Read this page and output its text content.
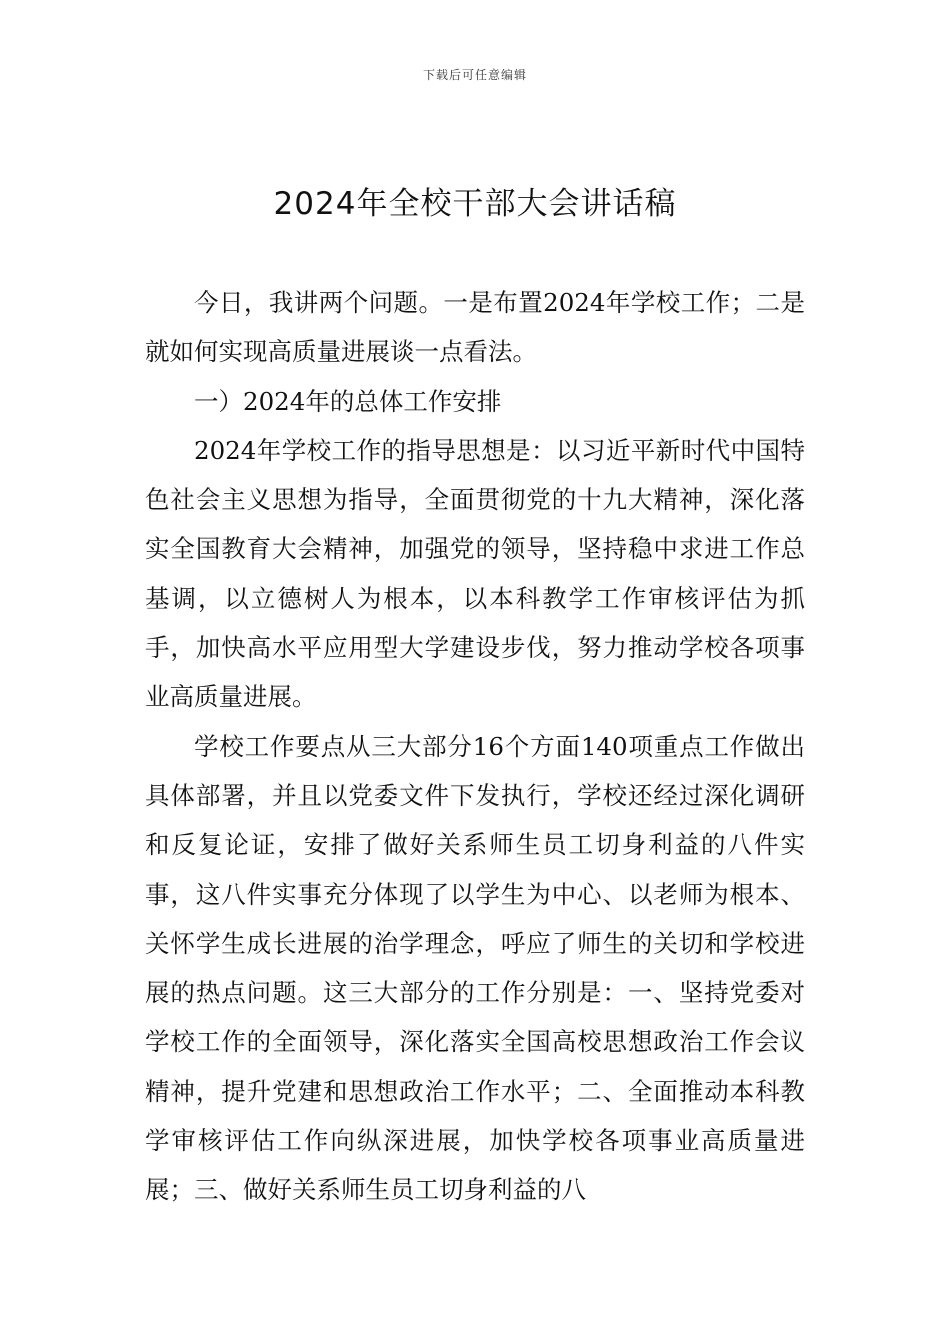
下载后可任意编辑
2024年全校干部大会讲话稿

今日，我讲两个问题。一是布置2024年学校工作；二是就如何实现高质量进展谈一点看法。

一）2024年的总体工作安排

2024年学校工作的指导思想是：以习近平新时代中国特色社会主义思想为指导，全面贯彻党的十九大精神，深化落实全国教育大会精神，加强党的领导，坚持稳中求进工作总基调，以立德树人为根本，以本科教学工作审核评估为抓手，加快高水平应用型大学建设步伐，努力推动学校各项事业高质量进展。

学校工作要点从三大部分16个方面140项重点工作做出具体部署，并且以党委文件下发执行，学校还经过深化调研和反复论证，安排了做好关系师生员工切身利益的八件实事，这八件实事充分体现了以学生为中心、以老师为根本、关怀学生成长进展的治学理念，呼应了师生的关切和学校进展的热点问题。这三大部分的工作分别是：一、坚持党委对学校工作的全面领导，深化落实全国高校思想政治工作会议精神，提升党建和思想政治工作水平；二、全面推动本科教学审核评估工作向纵深进展，加快学校各项事业高质量进展；三、做好关系师生员工切身利益的八
